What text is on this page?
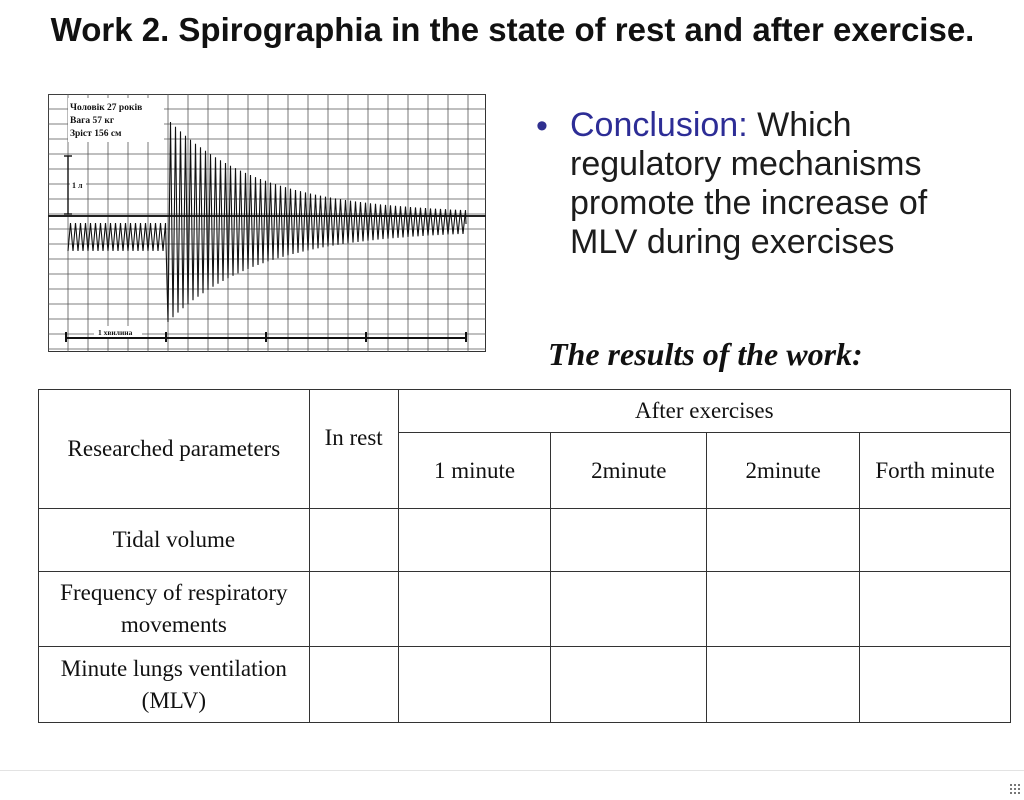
Work 2. Spirographia in the state of rest and after exercise.
Чоловік 27 років
Вага 57 кг
Зріст 156 см
1 л
1 хвилина
• Conclusion: Which regulatory mechanisms promote the increase of MLV during exercises
The results of the work:
Researched parameters	In rest	After exercises			
		1 minute	2minute	2minute	Forth minute
Tidal volume					
Frequency of respiratory movements					
Minute lungs ventilation (MLV)					
